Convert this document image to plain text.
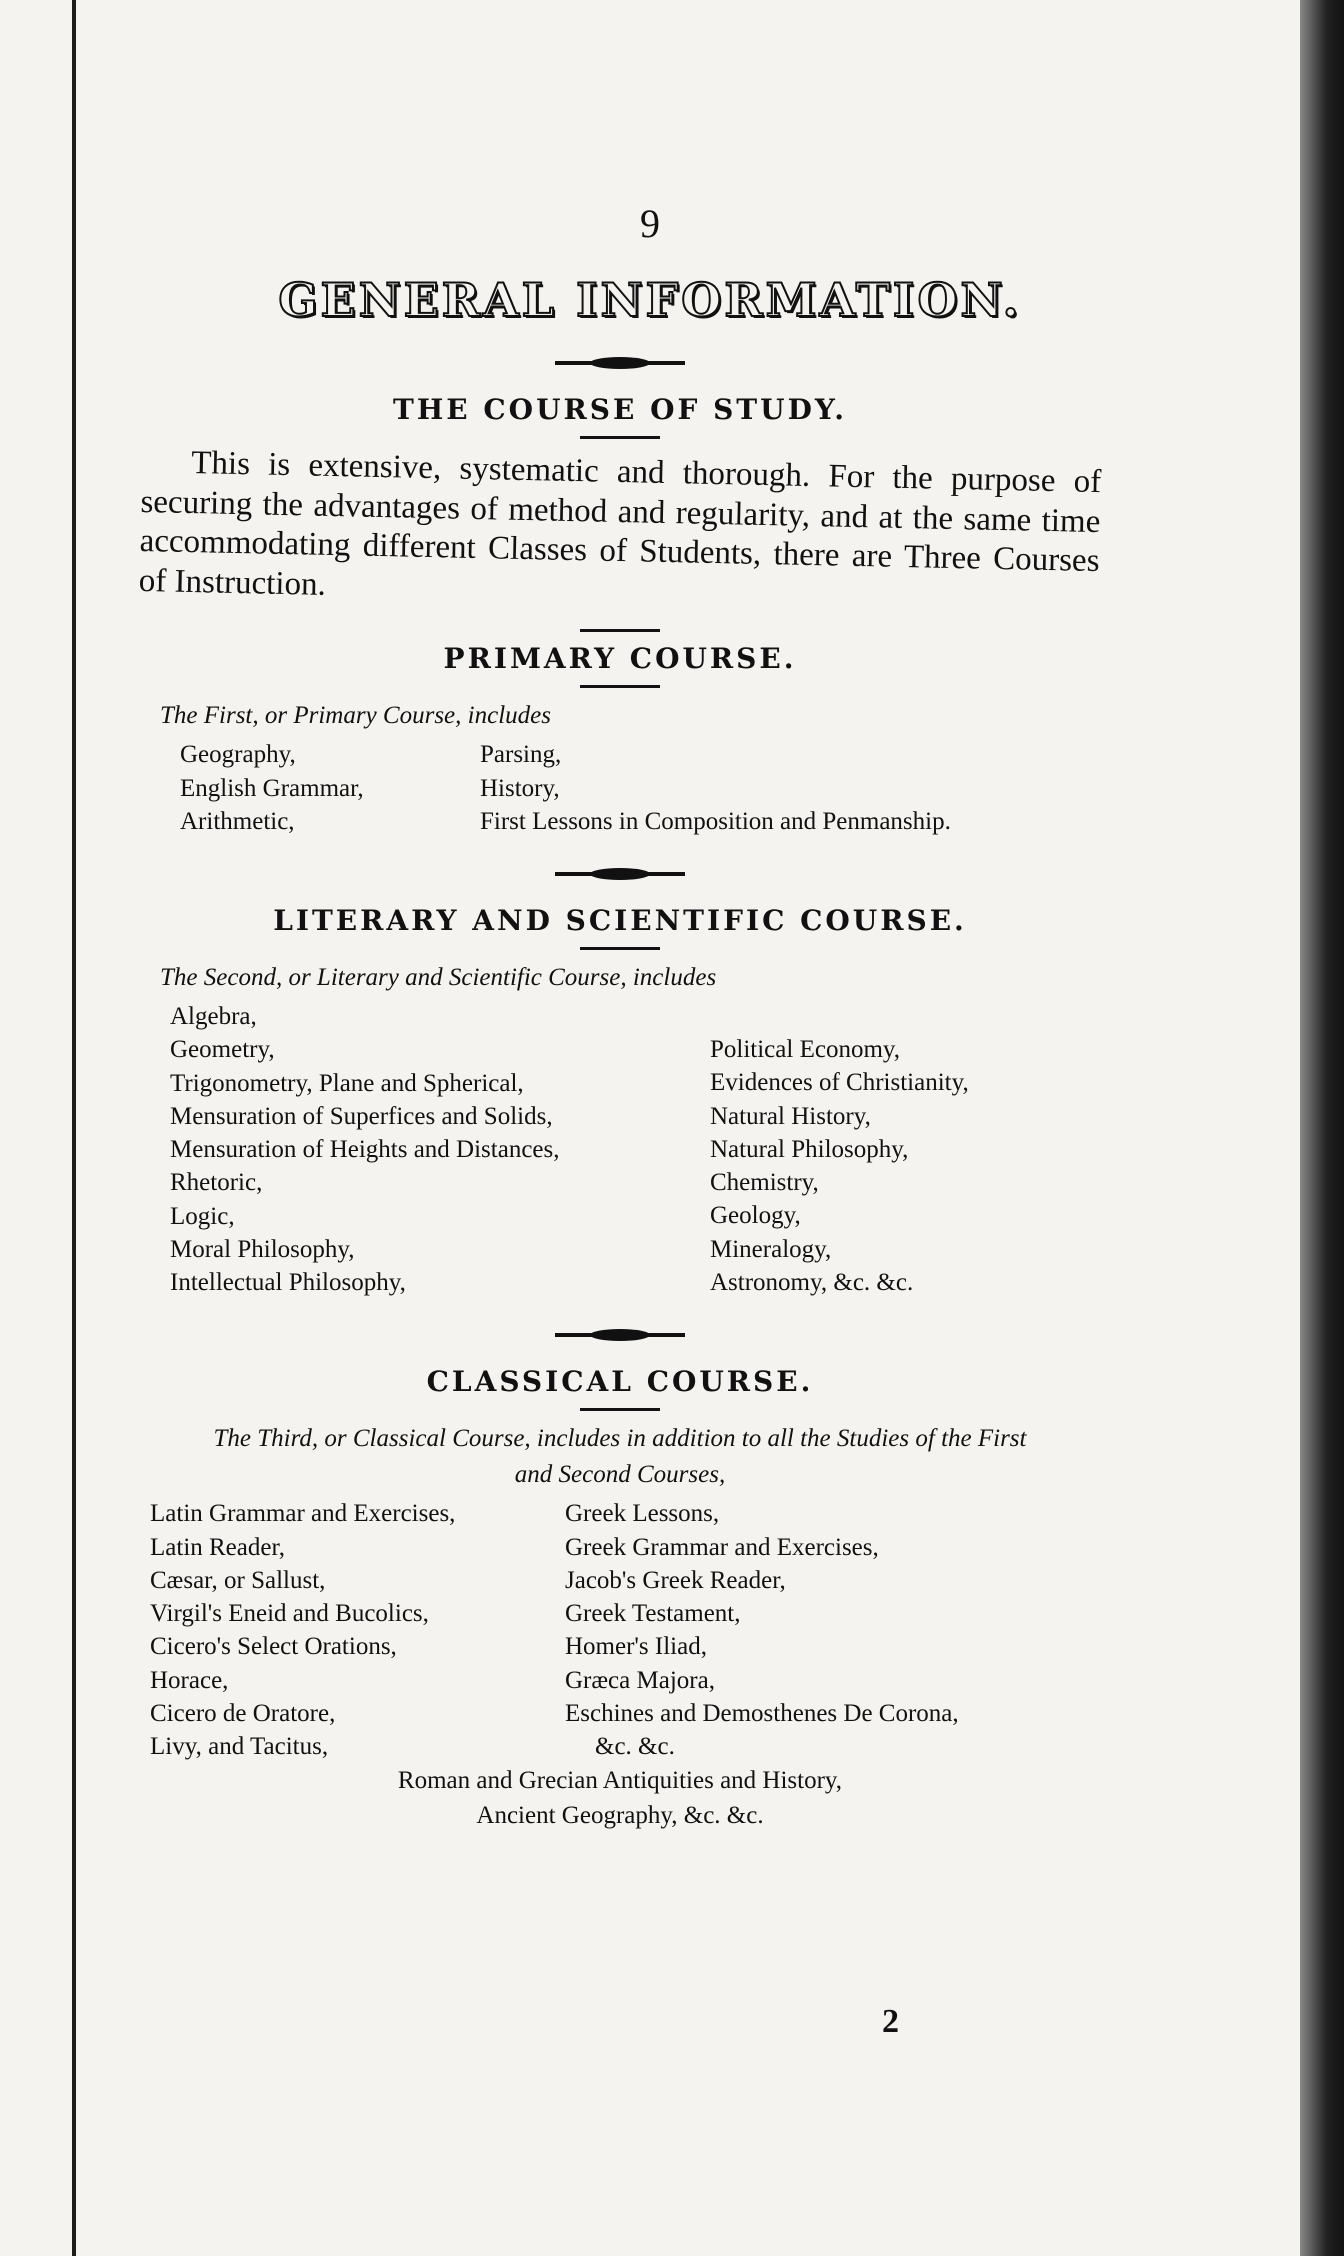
9
GENERAL INFORMATION.
THE COURSE OF STUDY.
This is extensive, systematic and thorough. For the purpose of securing the advantages of method and regularity, and at the same time accommodating different Classes of Students, there are Three Courses of Instruction.
PRIMARY COURSE.
The First, or Primary Course, includes
Geography,
English Grammar,
Arithmetic,
Parsing,
History,
First Lessons in Composition and Penmanship.
LITERARY AND SCIENTIFIC COURSE.
The Second, or Literary and Scientific Course, includes
Algebra,
Geometry,
Trigonometry, Plane and Spherical,
Mensuration of Superfices and Solids,
Mensuration of Heights and Distances,
Rhetoric,
Logic,
Moral Philosophy,
Intellectual Philosophy,
Political Economy,
Evidences of Christianity,
Natural History,
Natural Philosophy,
Chemistry,
Geology,
Mineralogy,
Astronomy, &c. &c.
CLASSICAL COURSE.
The Third, or Classical Course, includes in addition to all the Studies of the First
and Second Courses,
Latin Grammar and Exercises,
Latin Reader,
Cæsar, or Sallust,
Virgil's Eneid and Bucolics,
Cicero's Select Orations,
Horace,
Cicero de Oratore,
Livy, and Tacitus,
Greek Lessons,
Greek Grammar and Exercises,
Jacob's Greek Reader,
Greek Testament,
Homer's Iliad,
Græca Majora,
Eschines and Demosthenes De Corona,
&c. &c.
Roman and Grecian Antiquities and History,
Ancient Geography, &c. &c.
2
